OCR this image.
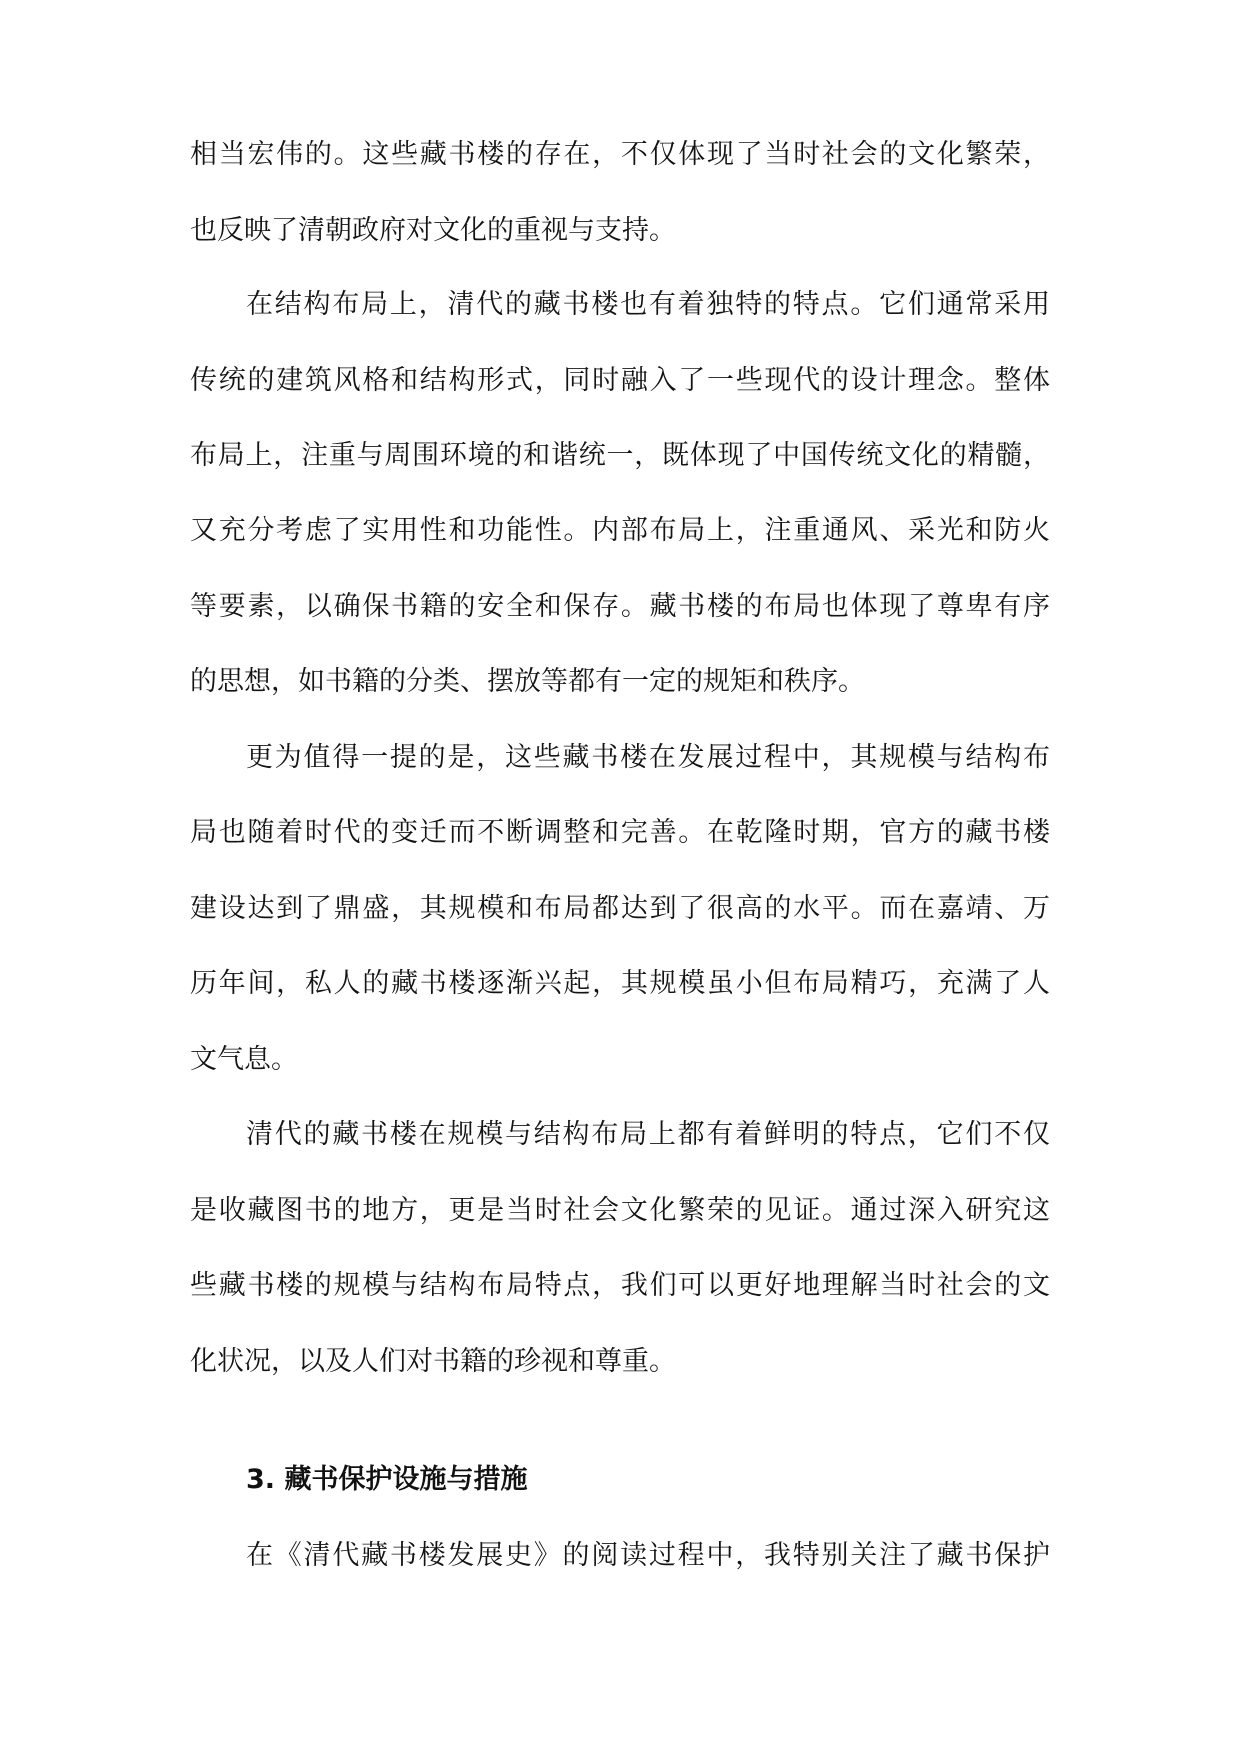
相当宏伟的。这些藏书楼的存在，不仅体现了当时社会的文化繁荣，
也反映了清朝政府对文化的重视与支持。
在结构布局上，清代的藏书楼也有着独特的特点。它们通常采用
传统的建筑风格和结构形式，同时融入了一些现代的设计理念。整体
布局上，注重与周围环境的和谐统一，既体现了中国传统文化的精髓，
又充分考虑了实用性和功能性。内部布局上，注重通风、采光和防火
等要素，以确保书籍的安全和保存。藏书楼的布局也体现了尊卑有序
的思想，如书籍的分类、摆放等都有一定的规矩和秩序。
更为值得一提的是，这些藏书楼在发展过程中，其规模与结构布
局也随着时代的变迁而不断调整和完善。在乾隆时期，官方的藏书楼
建设达到了鼎盛，其规模和布局都达到了很高的水平。而在嘉靖、万
历年间，私人的藏书楼逐渐兴起，其规模虽小但布局精巧，充满了人
文气息。
清代的藏书楼在规模与结构布局上都有着鲜明的特点，它们不仅
是收藏图书的地方，更是当时社会文化繁荣的见证。通过深入研究这
些藏书楼的规模与结构布局特点，我们可以更好地理解当时社会的文
化状况，以及人们对书籍的珍视和尊重。
3. 藏书保护设施与措施
在《清代藏书楼发展史》的阅读过程中，我特别关注了藏书保护
